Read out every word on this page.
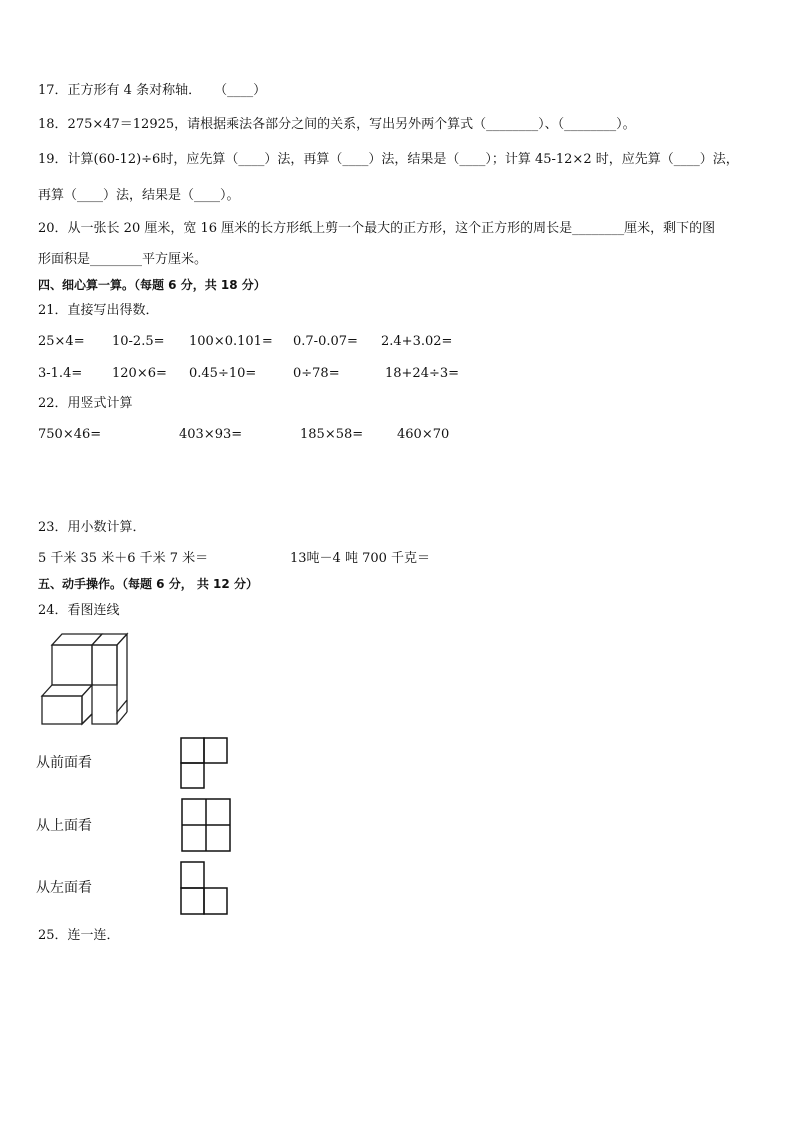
17．正方形有 4 条对称轴．　　（____）
18．275×47＝12925，请根据乘法各部分之间的关系，写出另外两个算式（________）、（________）。
19．计算(60-12)÷6时，应先算（____）法，再算（____）法，结果是（____）；计算 45-12×2 时，应先算（____）法，
再算（____）法，结果是（____）。
20．从一张长 20 厘米，宽 16 厘米的长方形纸上剪一个最大的正方形，这个正方形的周长是________厘米，剩下的图
形面积是________平方厘米。
四、细心算一算。（每题 6 分，共 18 分）
21．直接写出得数．
25×4= 10-2.5= 100×0.101= 0.7-0.07= 2.4+3.02=
3-1.4= 120×6= 0.45÷10=	0÷78=	18+24÷3=
22．用竖式计算
750×46=	403×93=	185×58=	460×70
23．用小数计算．
5 千米 35 米＋6 千米 7 米＝	13吨－4 吨 700 千克＝
五、动手操作。（每题 6 分， 共 12 分）
24．看图连线
从前面看
从上面看
从左面看
25．连一连．
